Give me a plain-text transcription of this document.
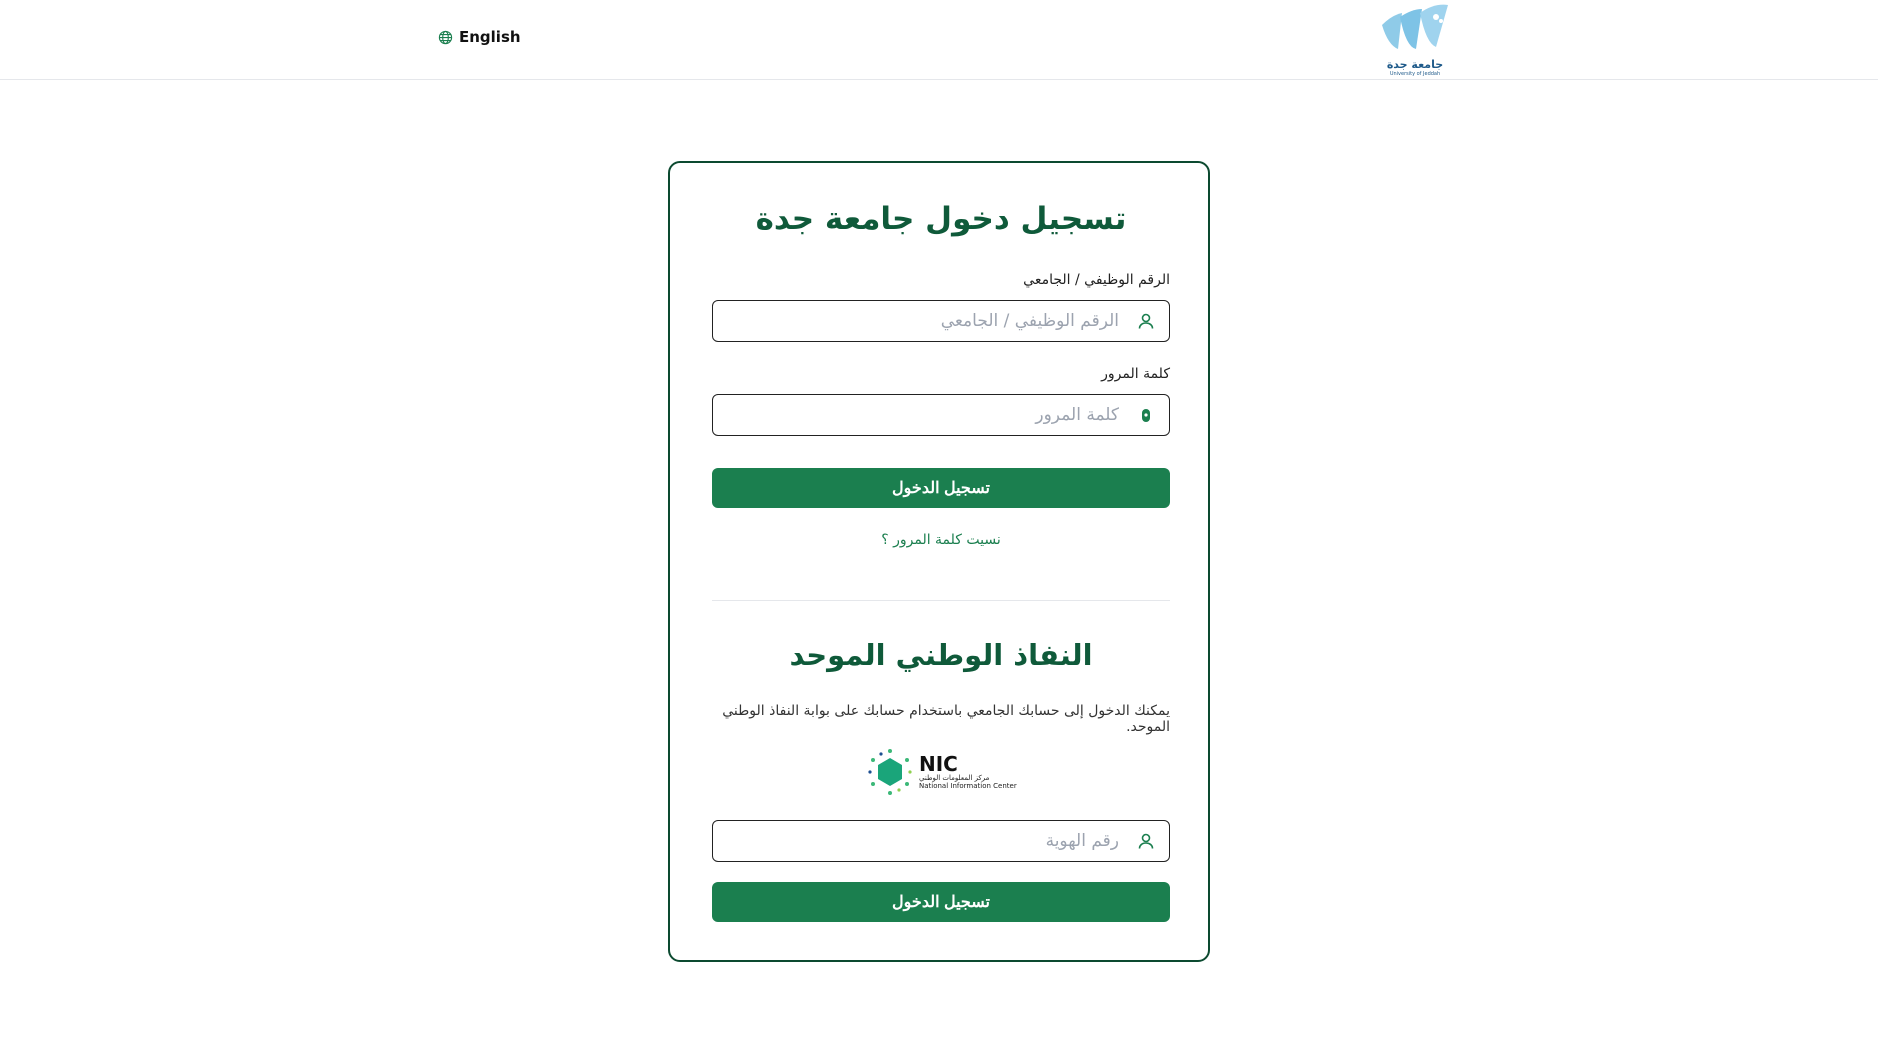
English
جامعة جدة
University of Jeddah
تسجيل دخول جامعة جدة
الرقم الوظيفي / الجامعي
الرقم الوظيفي / الجامعي
كلمة المرور
تسجيل الدخول
نسيت كلمة المرور ؟
النفاذ الوطني الموحد
يمكنك الدخول إلى حسابك الجامعي باستخدام حسابك على بوابة النفاذ الوطني الموحد.
NIC
مركز المعلومات الوطني
National Information Center
رقم الهوية
تسجيل الدخول
